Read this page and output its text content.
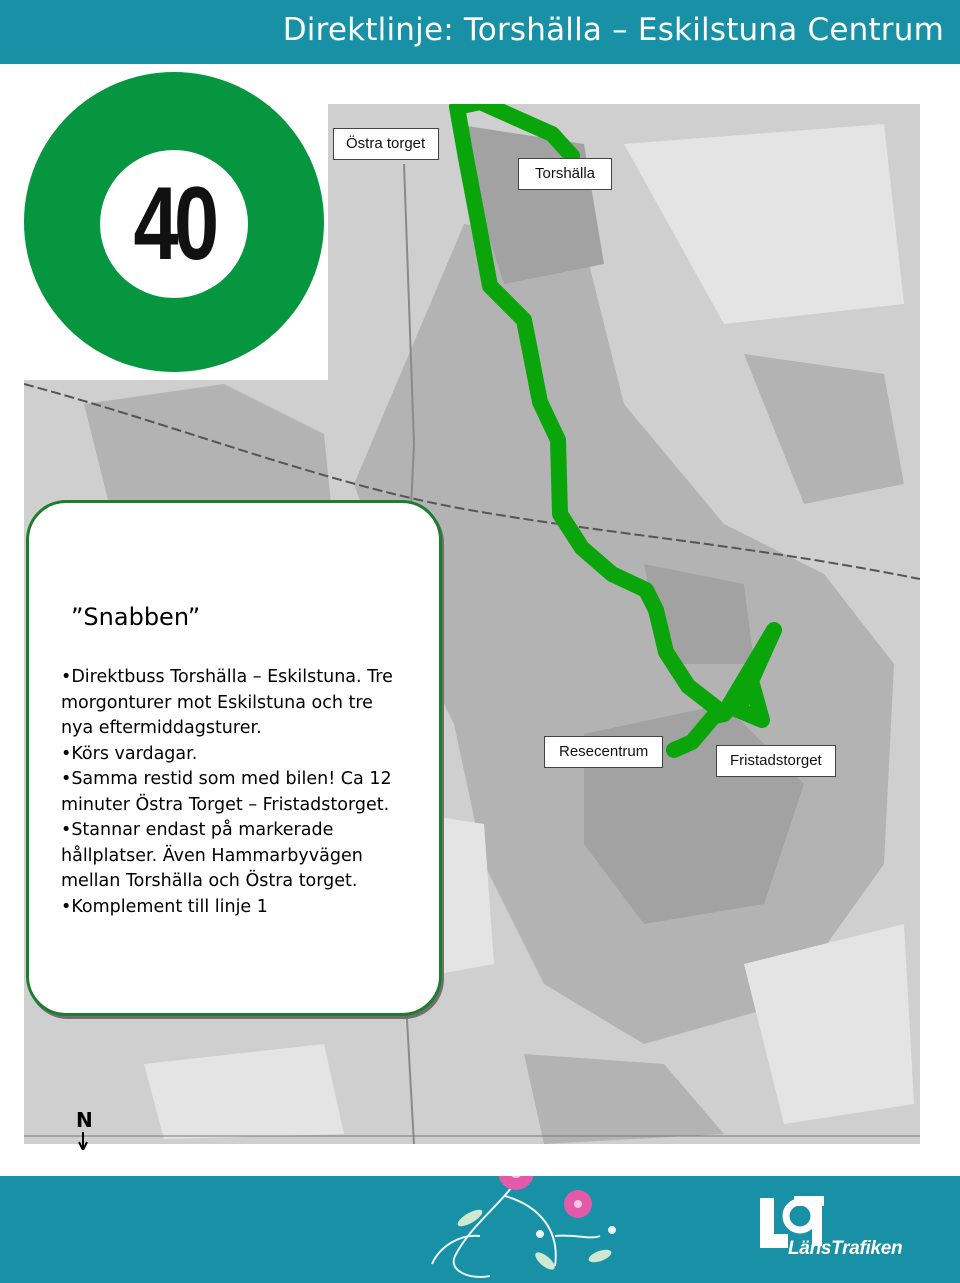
Direktlinje: Torshälla – Eskilstuna Centrum
40
Östra torget
Torshälla
Resecentrum
Fristadstorget
”Snabben”
•Direktbuss Torshälla – Eskilstuna. Tre
morgonturer mot Eskilstuna och tre
nya eftermiddagsturer.
•Körs vardagar.
•Samma restid som med bilen! Ca 12
minuter Östra Torget – Fristadstorget.
•Stannar endast på markerade
hållplatser. Även Hammarbyvägen
mellan Torshälla och Östra torget.
•Komplement till linje 1
N
LänsTrafiken
